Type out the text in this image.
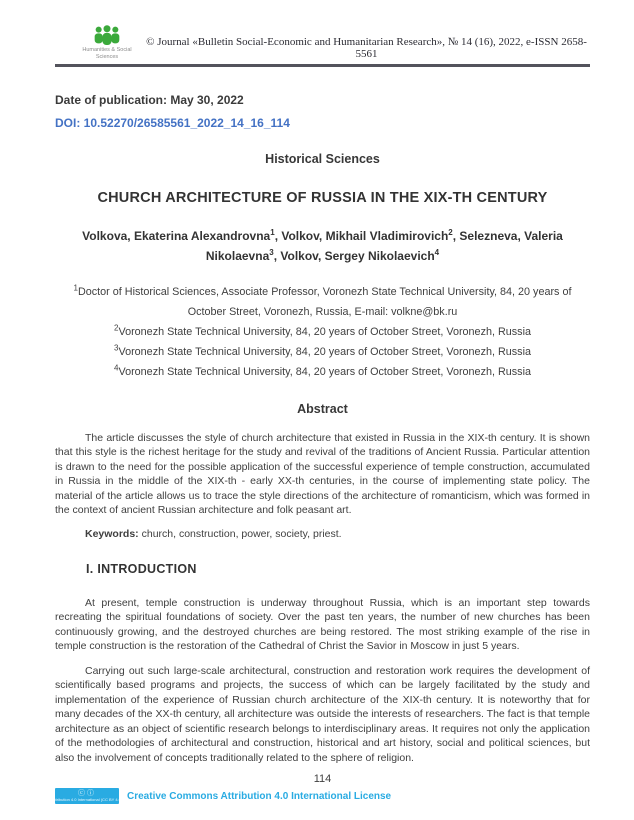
Humanities & Social
Sciences
© Journal «Bulletin Social-Economic and Humanitarian Research», № 14 (16), 2022, e-ISSN 2658-5561
Date of publication: May 30, 2022
DOI: 10.52270/26585561_2022_14_16_114
Historical Sciences
CHURCH ARCHITECTURE OF RUSSIA IN THE XIX-TH CENTURY
Volkova, Ekaterina Alexandrovna$^1$, Volkov, Mikhail Vladimirovich$^2$, Selezneva, Valeria Nikolaevna$^3$, Volkov, Sergey Nikolaevich$^4$
$^1$Doctor of Historical Sciences, Associate Professor, Voronezh State Technical University, 84, 20 years of October Street, Voronezh, Russia, E-mail: volkne@bk.ru
$^2$Voronezh State Technical University, 84, 20 years of October Street, Voronezh, Russia
$^3$Voronezh State Technical University, 84, 20 years of October Street, Voronezh, Russia
$^4$Voronezh State Technical University, 84, 20 years of October Street, Voronezh, Russia
Abstract

The article discusses the style of church architecture that existed in Russia in the XIX-th century. It is shown that this style is the richest heritage for the study and revival of the traditions of Ancient Russia. Particular attention is drawn to the need for the possible application of the successful experience of temple construction, accumulated in Russia in the middle of the XIX-th - early XX-th centuries, in the course of implementing state policy. The material of the article allows us to trace the style directions of the architecture of romanticism, which was formed in the context of ancient Russian architecture and folk peasant art.

Keywords: church, construction, power, society, priest.
I. INTRODUCTION

At present, temple construction is underway throughout Russia, which is an important step towards recreating the spiritual foundations of society. Over the past ten years, the number of new churches has been continuously growing, and the destroyed churches are being restored. The most striking example of the rise in temple construction is the restoration of the Cathedral of Christ the Savior in Moscow in just 5 years.

Carrying out such large-scale architectural, construction and restoration work requires the development of scientifically based programs and projects, the success of which can be largely facilitated by the study and implementation of the experience of Russian church architecture of the XIX-th century. It is noteworthy that for many decades of the XX-th century, all architecture was outside the interests of researchers. The fact is that temple architecture as an object of scientific research belongs to interdisciplinary areas. It requires not only the application of the methodologies of architectural and construction, historical and art history, social and political sciences, but also the involvement of concepts traditionally related to the sphere of religion.

114
ⓒⓘ
Attribution 4.0 International (CC BY 4.0) Creative Commons Attribution 4.0 International License
